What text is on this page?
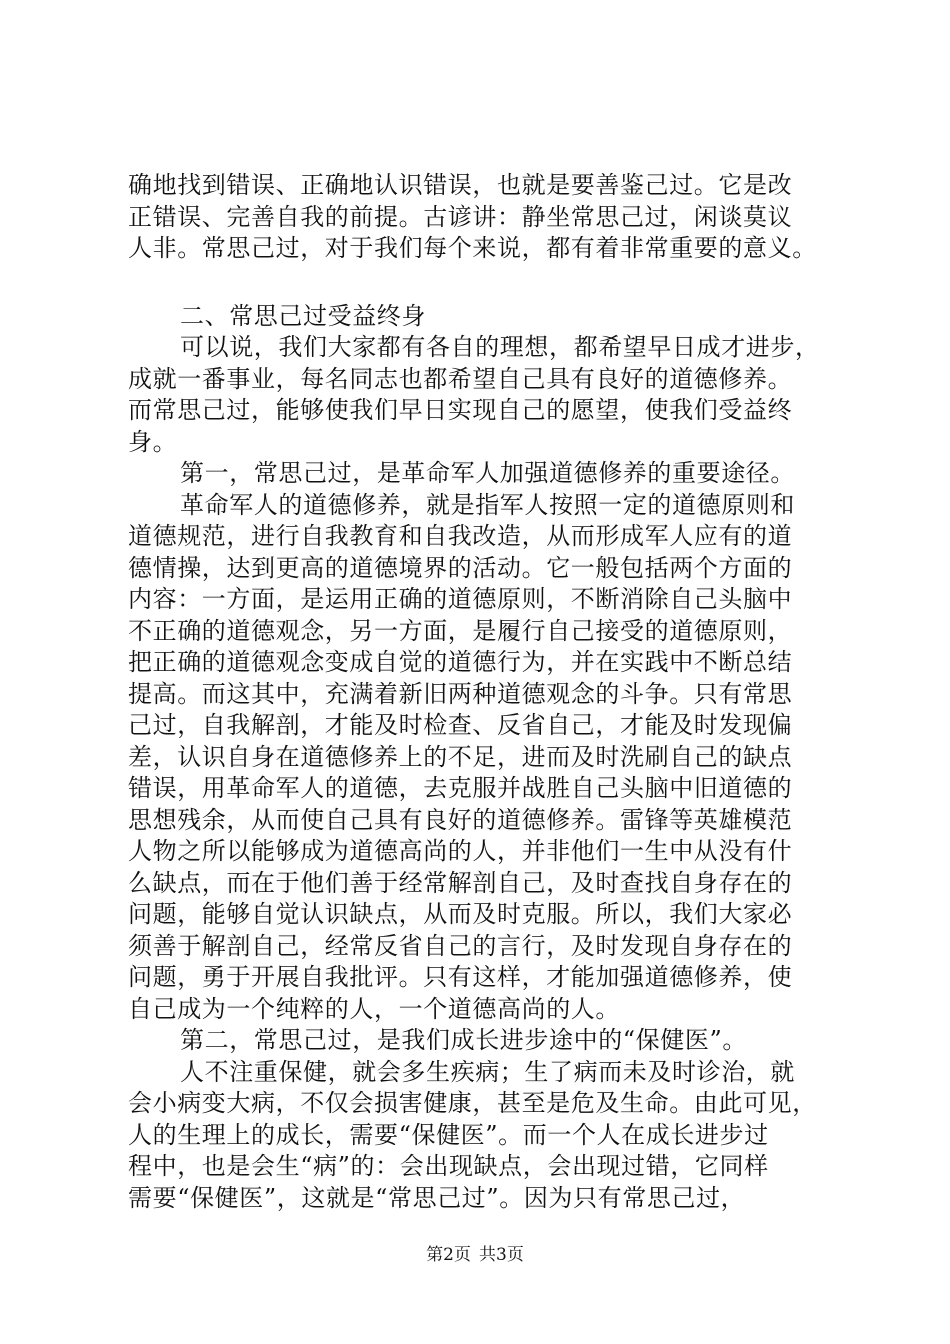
确地找到错误、正确地认识错误，也就是要善鉴己过。它是改
正错误、完善自我的前提。古谚讲：静坐常思己过，闲谈莫议
人非。常思己过，对于我们每个来说，都有着非常重要的意义。
二、常思己过受益终身
可以说，我们大家都有各自的理想，都希望早日成才进步，
成就一番事业，每名同志也都希望自己具有良好的道德修养。
而常思己过，能够使我们早日实现自己的愿望，使我们受益终
身。
第一，常思己过，是革命军人加强道德修养的重要途径。
革命军人的道德修养，就是指军人按照一定的道德原则和
道德规范，进行自我教育和自我改造，从而形成军人应有的道
德情操，达到更高的道德境界的活动。它一般包括两个方面的
内容：一方面，是运用正确的道德原则，不断消除自己头脑中
不正确的道德观念，另一方面，是履行自己接受的道德原则，
把正确的道德观念变成自觉的道德行为，并在实践中不断总结
提高。而这其中，充满着新旧两种道德观念的斗争。只有常思
己过，自我解剖，才能及时检查、反省自己，才能及时发现偏
差，认识自身在道德修养上的不足，进而及时洗刷自己的缺点
错误，用革命军人的道德，去克服并战胜自己头脑中旧道德的
思想残余，从而使自己具有良好的道德修养。雷锋等英雄模范
人物之所以能够成为道德高尚的人，并非他们一生中从没有什
么缺点，而在于他们善于经常解剖自己，及时查找自身存在的
问题，能够自觉认识缺点，从而及时克服。所以，我们大家必
须善于解剖自己，经常反省自己的言行，及时发现自身存在的
问题，勇于开展自我批评。只有这样，才能加强道德修养，使
自己成为一个纯粹的人，一个道德高尚的人。
第二，常思己过，是我们成长进步途中的“保健医”。
人不注重保健，就会多生疾病；生了病而未及时诊治，就
会小病变大病，不仅会损害健康，甚至是危及生命。由此可见，
人的生理上的成长，需要“保健医”。而一个人在成长进步过
程中，也是会生“病”的：会出现缺点，会出现过错，它同样
需要“保健医”，这就是“常思己过”。因为只有常思己过，
第2页 共3页
